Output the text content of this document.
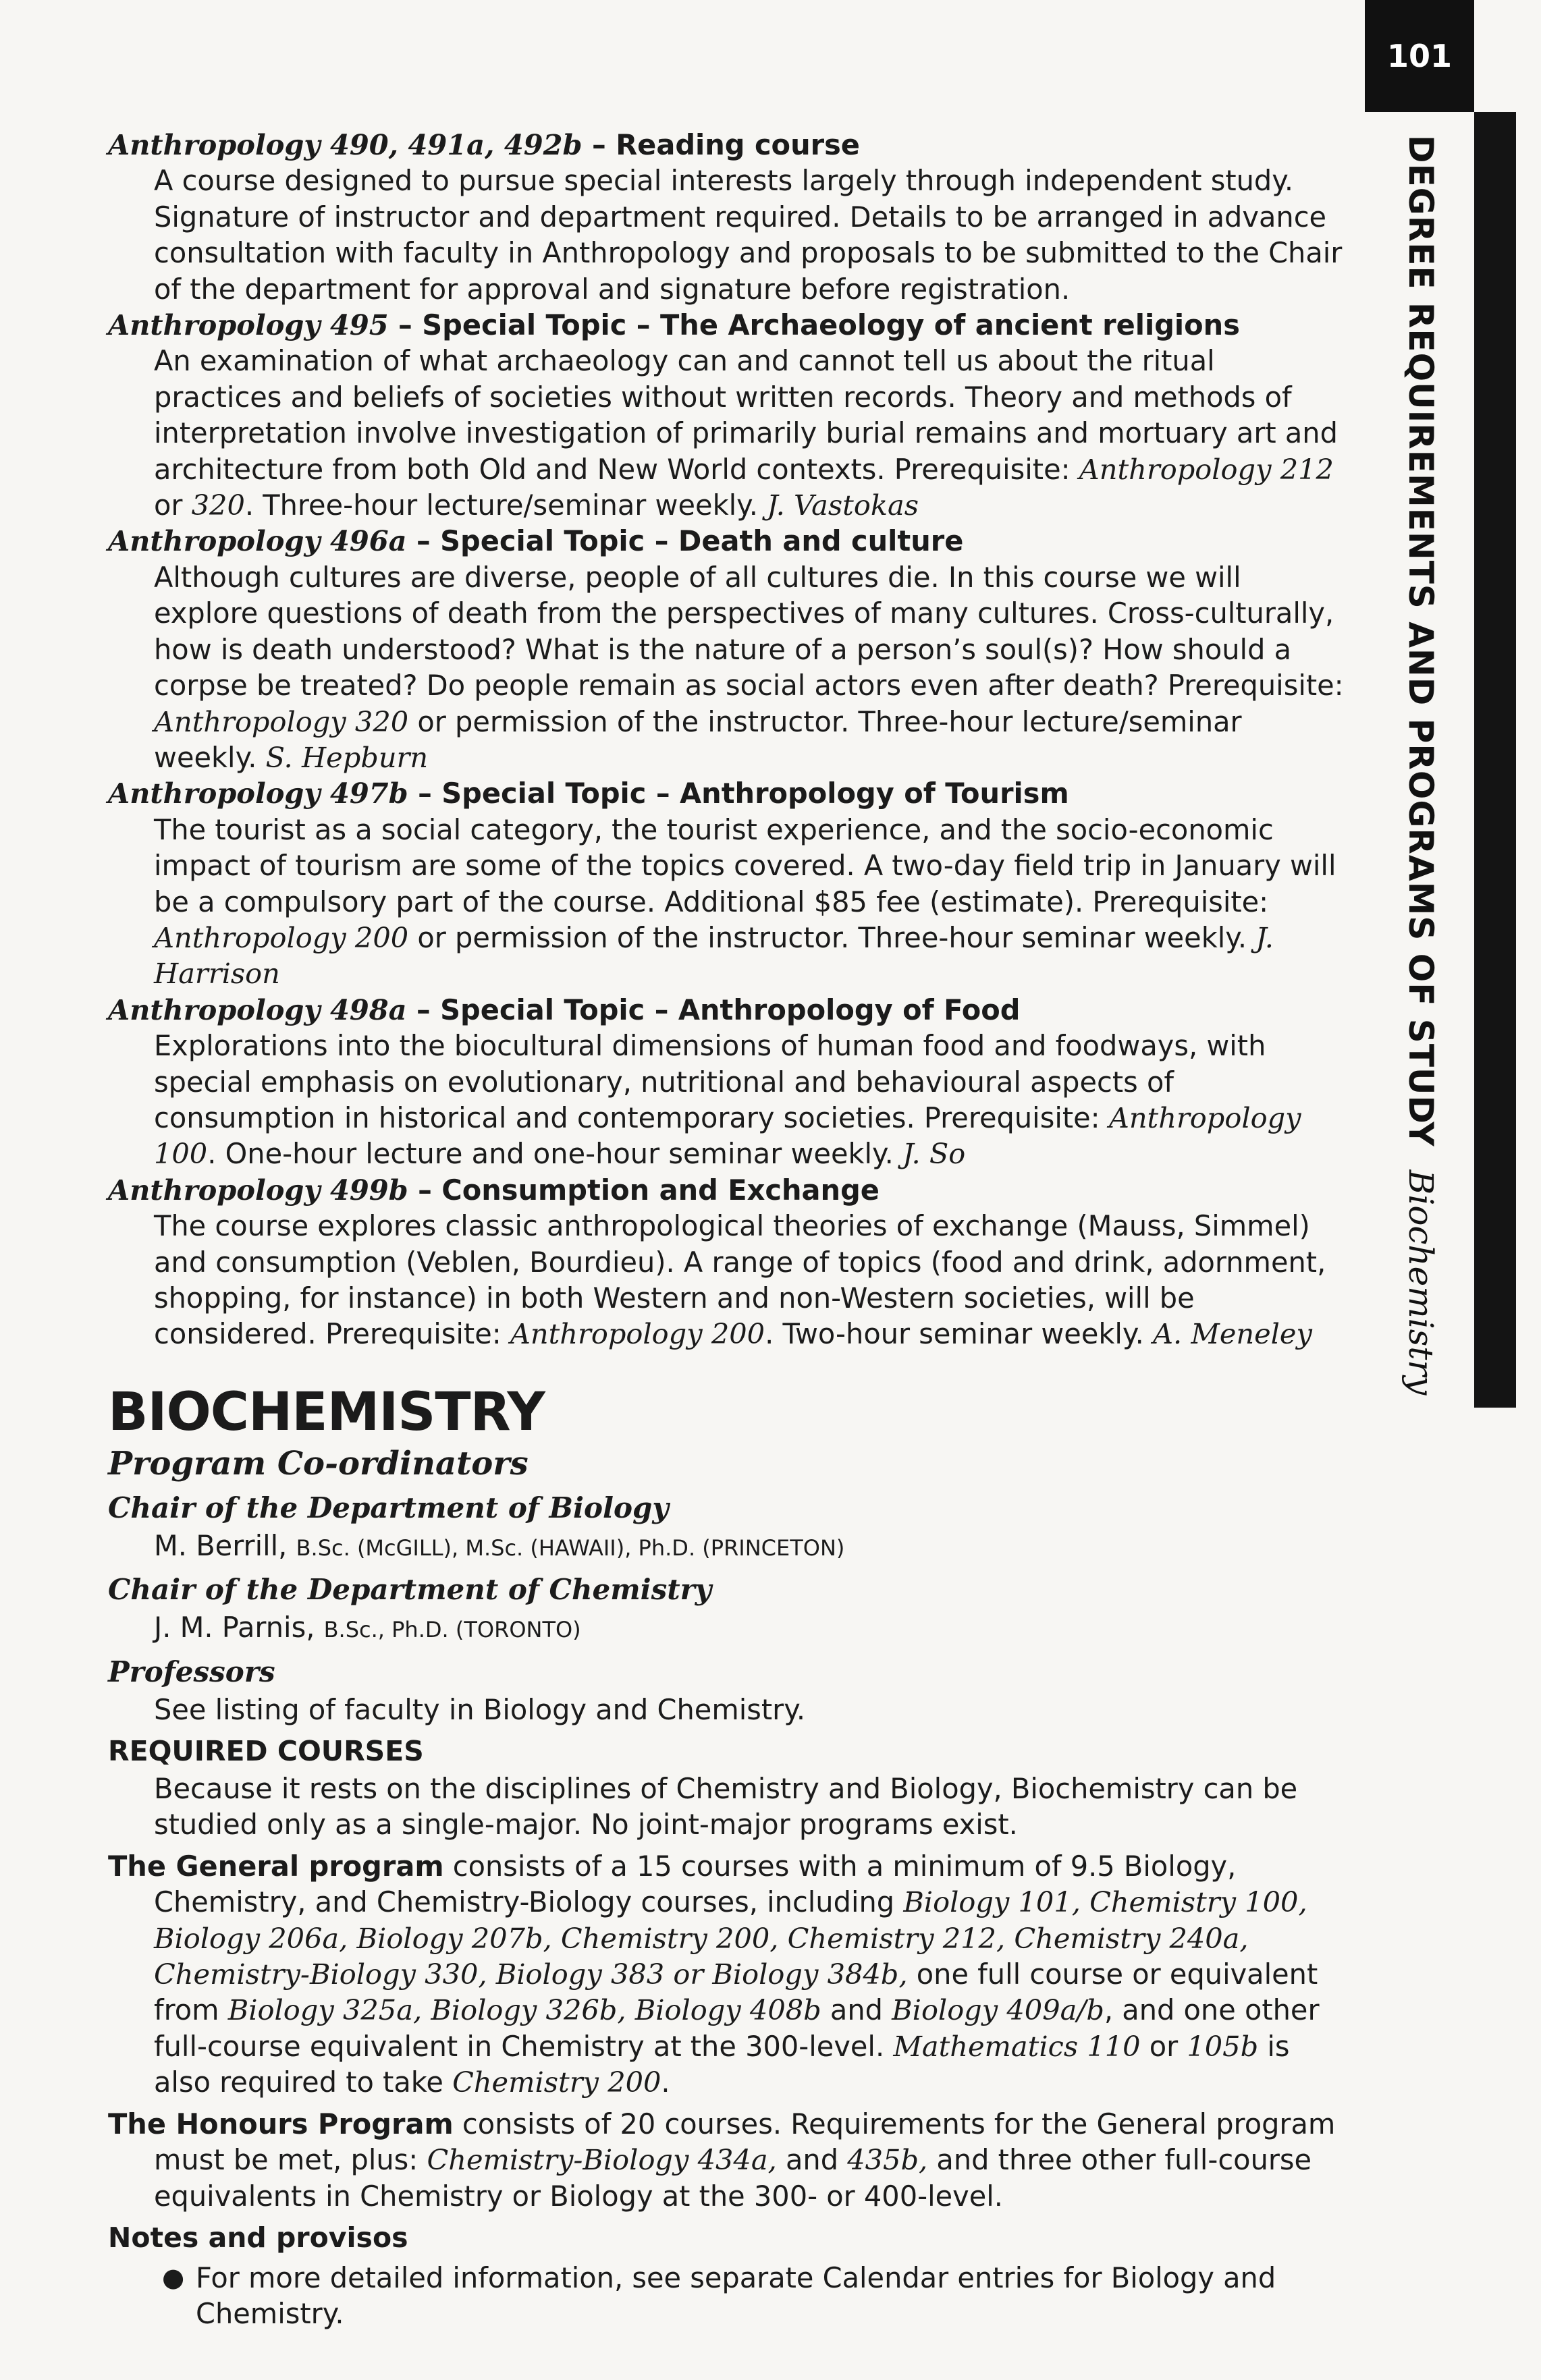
101
DEGREE REQUIREMENTS AND PROGRAMS OF STUDYBiochemistry
Anthropology 490, 491a, 492b – Reading course
A course designed to pursue special interests largely through independent study. Signature of instructor and department required. Details to be arranged in advance consultation with faculty in Anthropology and proposals to be submitted to the Chair of the department for approval and signature before registration.
Anthropology 495 – Special Topic – The Archaeology of ancient religions
An examination of what archaeology can and cannot tell us about the ritual practices and beliefs of societies without written records. Theory and methods of interpretation involve investigation of primarily burial remains and mortuary art and architecture from both Old and New World contexts. Prerequisite: Anthropology 212 or 320. Three-hour lecture/seminar weekly. J. Vastokas
Anthropology 496a – Special Topic – Death and culture
Although cultures are diverse, people of all cultures die. In this course we will explore questions of death from the perspectives of many cultures. Cross-culturally, how is death understood? What is the nature of a person’s soul(s)? How should a corpse be treated? Do people remain as social actors even after death? Prerequisite: Anthropology 320 or permission of the instructor. Three-hour lecture/seminar weekly. S. Hepburn
Anthropology 497b – Special Topic – Anthropology of Tourism
The tourist as a social category, the tourist experience, and the socio-economic impact of tourism are some of the topics covered. A two-day field trip in January will be a compulsory part of the course. Additional $85 fee (estimate). Prerequisite: Anthropology 200 or permission of the instructor. Three-hour seminar weekly. J. Harrison
Anthropology 498a – Special Topic – Anthropology of Food
Explorations into the biocultural dimensions of human food and foodways, with special emphasis on evolutionary, nutritional and behavioural aspects of consumption in historical and contemporary societies. Prerequisite: Anthropology 100. One-hour lecture and one-hour seminar weekly. J. So
Anthropology 499b – Consumption and Exchange
The course explores classic anthropological theories of exchange (Mauss, Simmel) and consumption (Veblen, Bourdieu). A range of topics (food and drink, adornment, shopping, for instance) in both Western and non-Western societies, will be considered. Prerequisite: Anthropology 200. Two-hour seminar weekly. A. Meneley
BIOCHEMISTRY
Program Co-ordinators
Chair of the Department of Biology
M. Berrill, B.Sc. (McGILL), M.Sc. (HAWAII), Ph.D. (PRINCETON)
Chair of the Department of Chemistry
J. M. Parnis, B.Sc., Ph.D. (TORONTO)
Professors
See listing of faculty in Biology and Chemistry.
REQUIRED COURSES
Because it rests on the disciplines of Chemistry and Biology, Biochemistry can be studied only as a single-major. No joint-major programs exist.
The General program consists of a 15 courses with a minimum of 9.5 Biology, Chemistry, and Chemistry-Biology courses, including Biology 101, Chemistry 100, Biology 206a, Biology 207b, Chemistry 200, Chemistry 212, Chemistry 240a, Chemistry-Biology 330, Biology 383 or Biology 384b, one full course or equivalent from Biology 325a, Biology 326b, Biology 408b and Biology 409a/b, and one other full-course equivalent in Chemistry at the 300-level. Mathematics 110 or 105b is also required to take Chemistry 200.
The Honours Program consists of 20 courses. Requirements for the General program must be met, plus: Chemistry-Biology 434a, and 435b, and three other full-course equivalents in Chemistry or Biology at the 300- or 400-level.
Notes and provisos
● For more detailed information, see separate Calendar entries for Biology and Chemistry.
